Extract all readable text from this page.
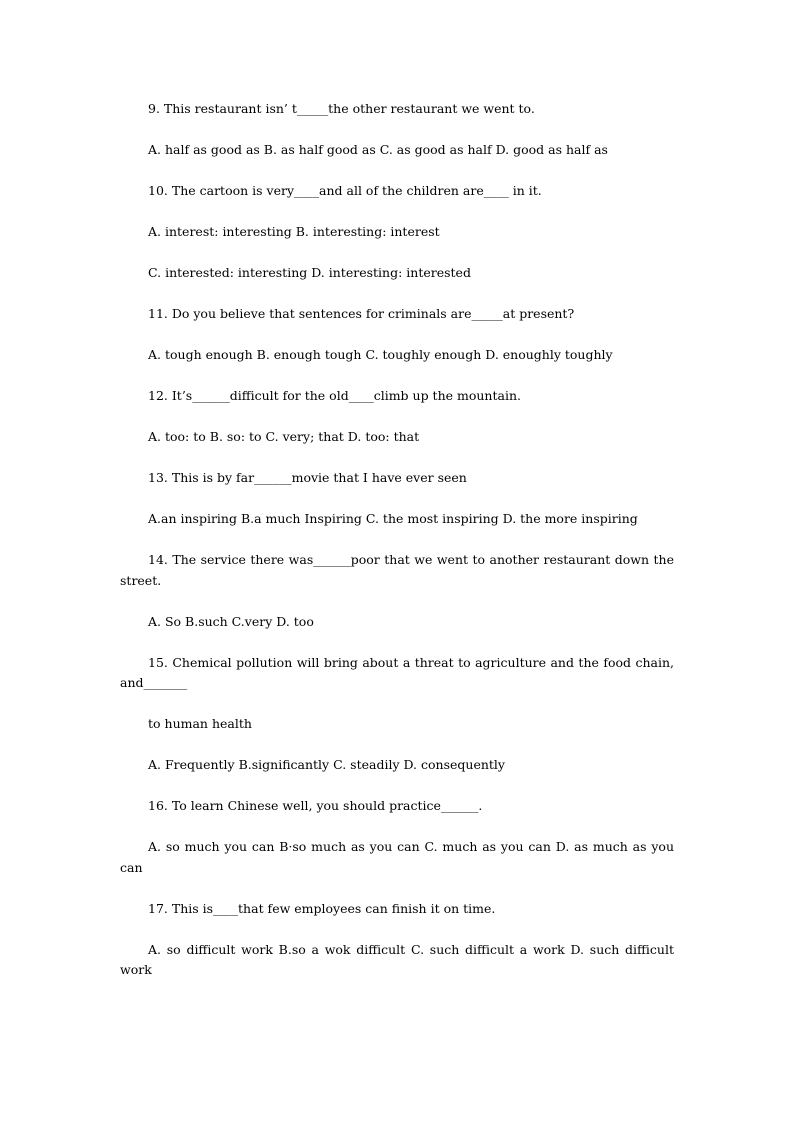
9. This restaurant isn’ t_____the other restaurant we went to.

A. half as good as B. as half good as C. as good as half D. good as half as

10. The cartoon is very____and all of the children are____ in it.

A. interest: interesting B. interesting: interest

C. interested: interesting D. interesting: interested

11. Do you believe that sentences for criminals are_____at present?

A. tough enough B. enough tough C. toughly enough D. enoughly toughly

12. It’s______difficult for the old____climb up the mountain.

A. too: to B. so: to C. very; that D. too: that

13. This is by far______movie that I have ever seen

A.an inspiring B.a much Inspiring C. the most inspiring D. the more inspiring

14. The service there was______poor that we went to another restaurant down the street.

A. So B.such C.very D. too

15. Chemical pollution will bring about a threat to agriculture and the food chain, and_______

to human health

A. Frequently B.significantly C. steadily D. consequently

16. To learn Chinese well, you should practice______.

A. so much you can B·so much as you can C. much as you can D. as much as you can

17. This is____that few employees can finish it on time.

A. so difficult work B.so a wok difficult C. such difficult a work D. such difficult work
